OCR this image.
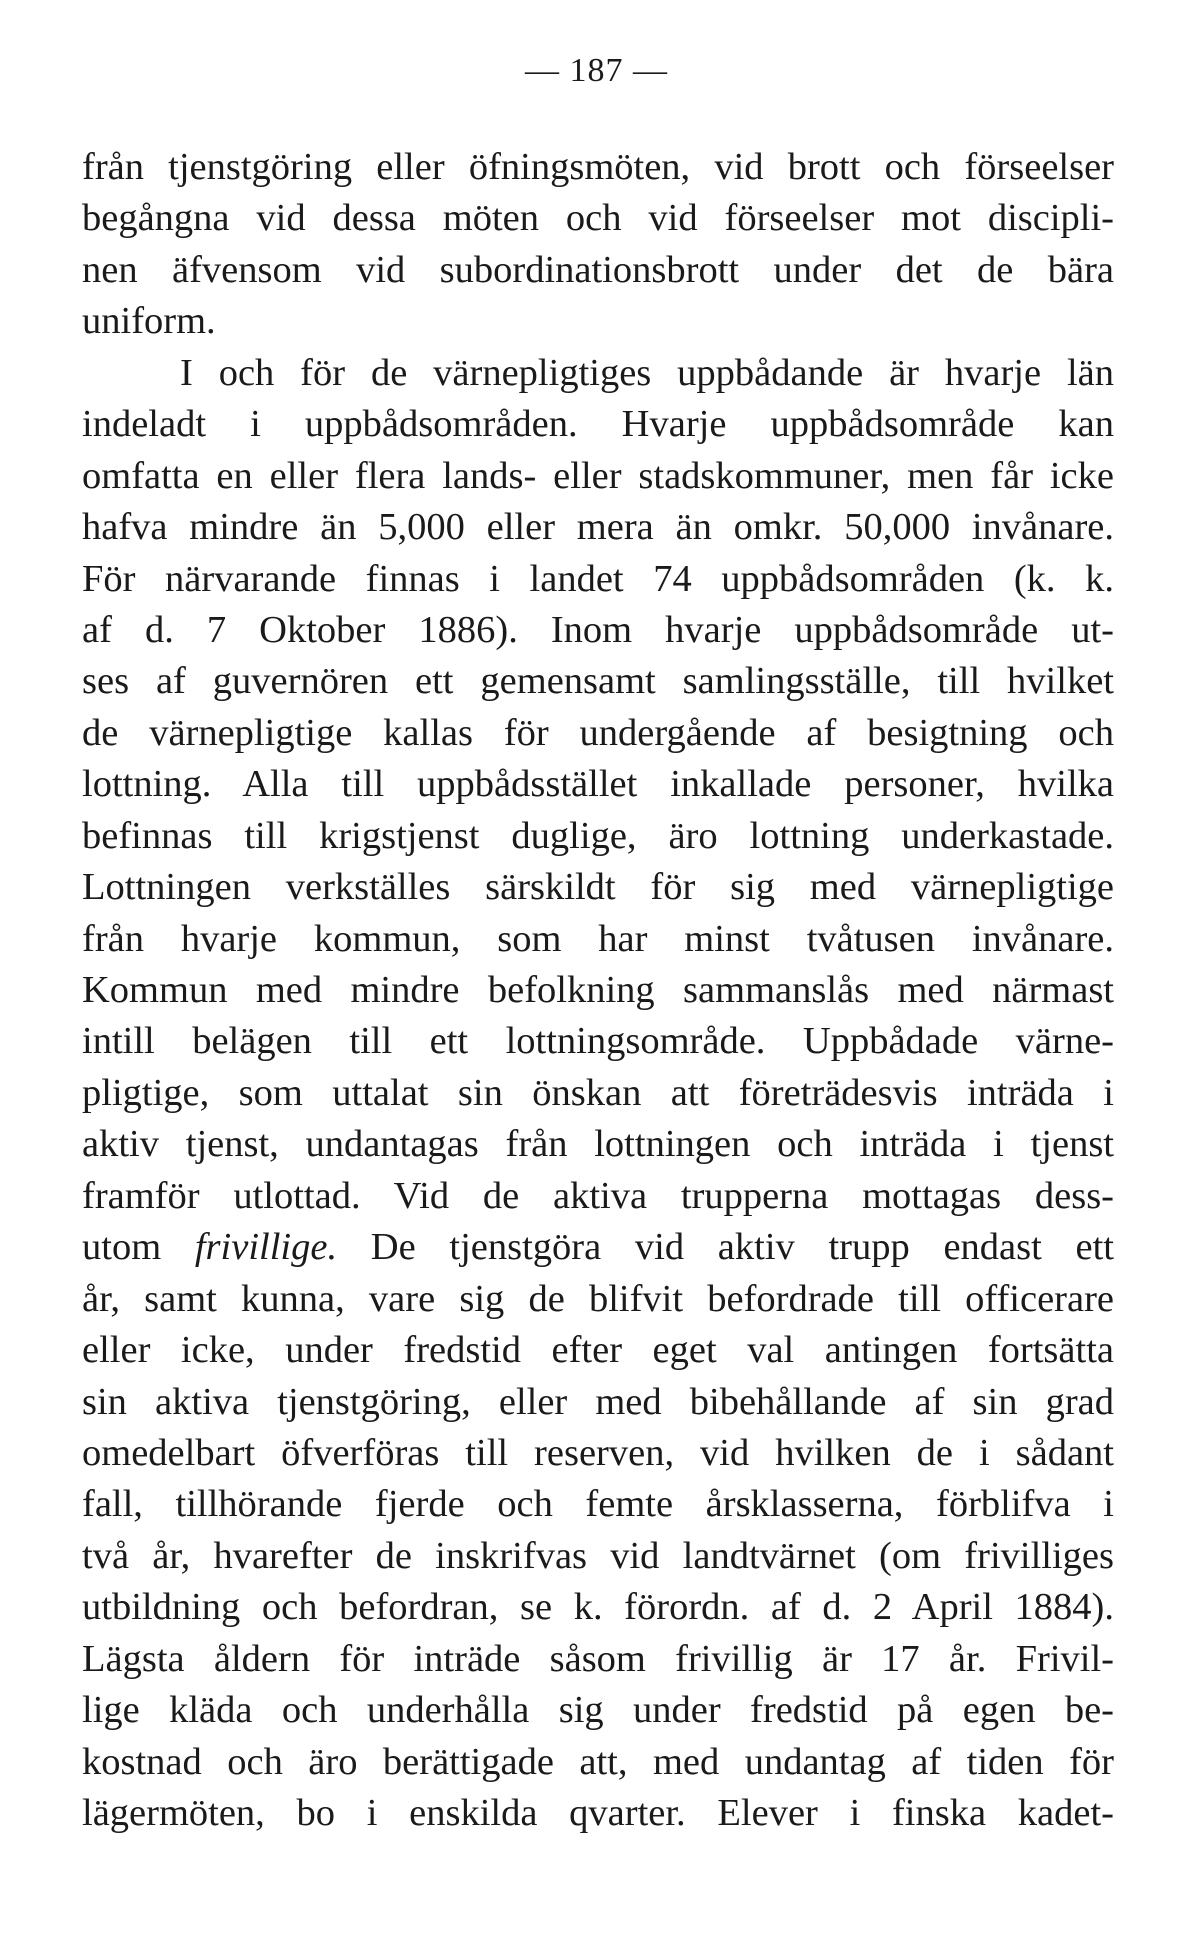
— 187 —
från tjenstgöring eller öfningsmöten, vid brott och förseelser
begångna vid dessa möten och vid förseelser mot discipli-
nen äfvensom vid subordinationsbrott under det de bära
uniform.
I och för de värnepligtiges uppbådande är hvarje län
indeladt i uppbådsområden. Hvarje uppbådsområde kan
omfatta en eller flera lands- eller stadskommuner, men får icke
hafva mindre än 5,000 eller mera än omkr. 50,000 invånare.
För närvarande finnas i landet 74 uppbådsområden (k. k.
af d. 7 Oktober 1886). Inom hvarje uppbådsområde ut-
ses af guvernören ett gemensamt samlingsställe, till hvilket
de värnepligtige kallas för undergående af besigtning och
lottning. Alla till uppbådsstället inkallade personer, hvilka
befinnas till krigstjenst duglige, äro lottning underkastade.
Lottningen verkställes särskildt för sig med värnepligtige
från hvarje kommun, som har minst tvåtusen invånare.
Kommun med mindre befolkning sammanslås med närmast
intill belägen till ett lottningsområde. Uppbådade värne-
pligtige, som uttalat sin önskan att företrädesvis inträda i
aktiv tjenst, undantagas från lottningen och inträda i tjenst
framför utlottad. Vid de aktiva trupperna mottagas dess-
utom frivillige. De tjenstgöra vid aktiv trupp endast ett
år, samt kunna, vare sig de blifvit befordrade till officerare
eller icke, under fredstid efter eget val antingen fortsätta
sin aktiva tjenstgöring, eller med bibehållande af sin grad
omedelbart öfverföras till reserven, vid hvilken de i sådant
fall, tillhörande fjerde och femte årsklasserna, förblifva i
två år, hvarefter de inskrifvas vid landtvärnet (om frivilliges
utbildning och befordran, se k. förordn. af d. 2 April 1884).
Lägsta åldern för inträde såsom frivillig är 17 år. Frivil-
lige kläda och underhålla sig under fredstid på egen be-
kostnad och äro berättigade att, med undantag af tiden för
lägermöten, bo i enskilda qvarter. Elever i finska kadet-
